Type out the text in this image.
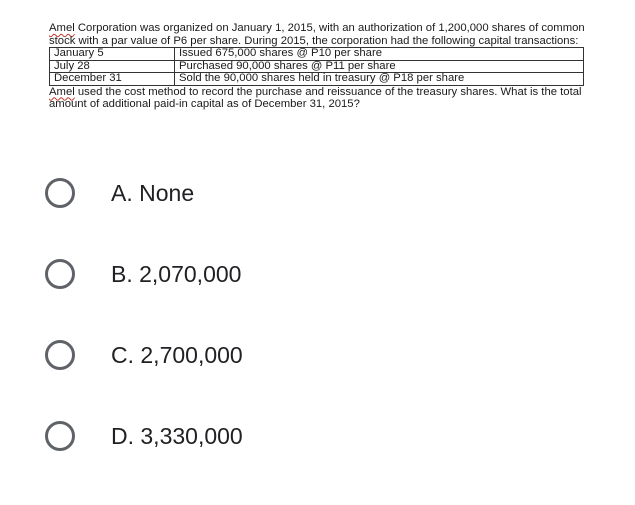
Amel Corporation was organized on January 1, 2015, with an authorization of 1,200,000 shares of common stock with a par value of P6 per share. During 2015, the corporation had the following capital transactions:

January 5	Issued 675,000 shares @ P10 per share
July 28	Purchased 90,000 shares @ P11 per share
December 31	Sold the 90,000 shares held in treasury @ P18 per share

Amel used the cost method to record the purchase and reissuance of the treasury shares. What is the total amount of additional paid-in capital as of December 31, 2015?

A. None
B. 2,070,000
C. 2,700,000
D. 3,330,000
